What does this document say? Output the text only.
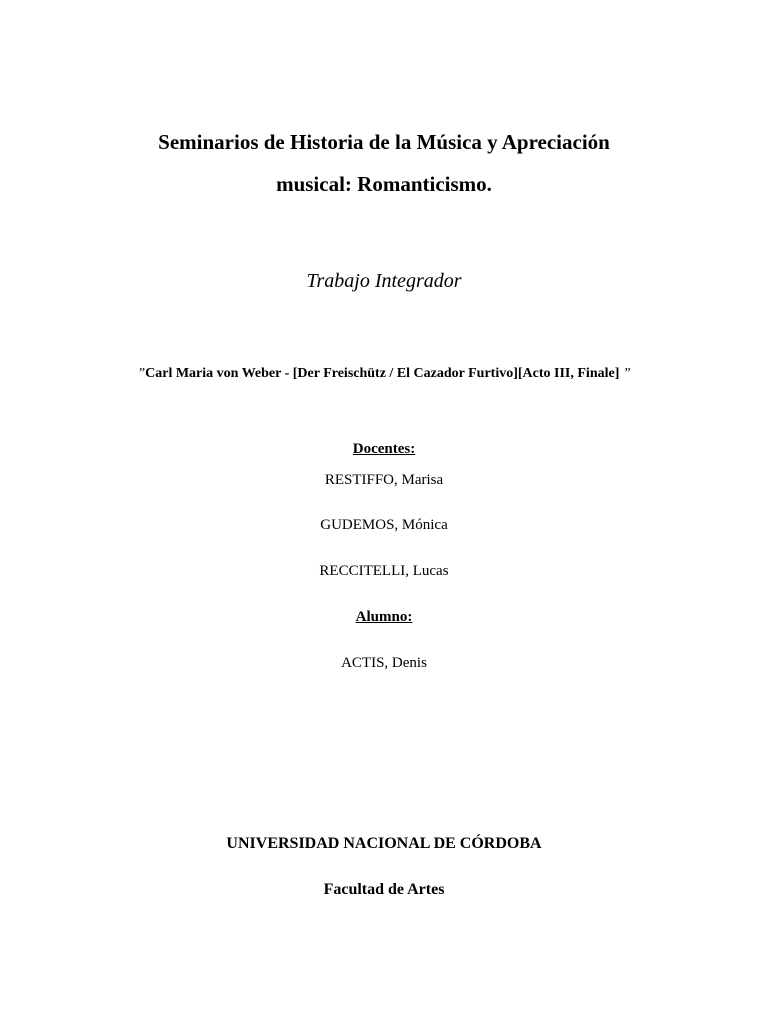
Seminarios de Historia de la Música y Apreciación
musical: Romanticismo.
Trabajo Integrador
”Carl Maria von Weber - [Der Freischütz / El Cazador Furtivo][Acto III, Finale] ”
Docentes:
RESTIFFO, Marisa
GUDEMOS, Mónica
RECCITELLI, Lucas
Alumno:
ACTIS, Denis
UNIVERSIDAD NACIONAL DE CÓRDOBA
Facultad de Artes
